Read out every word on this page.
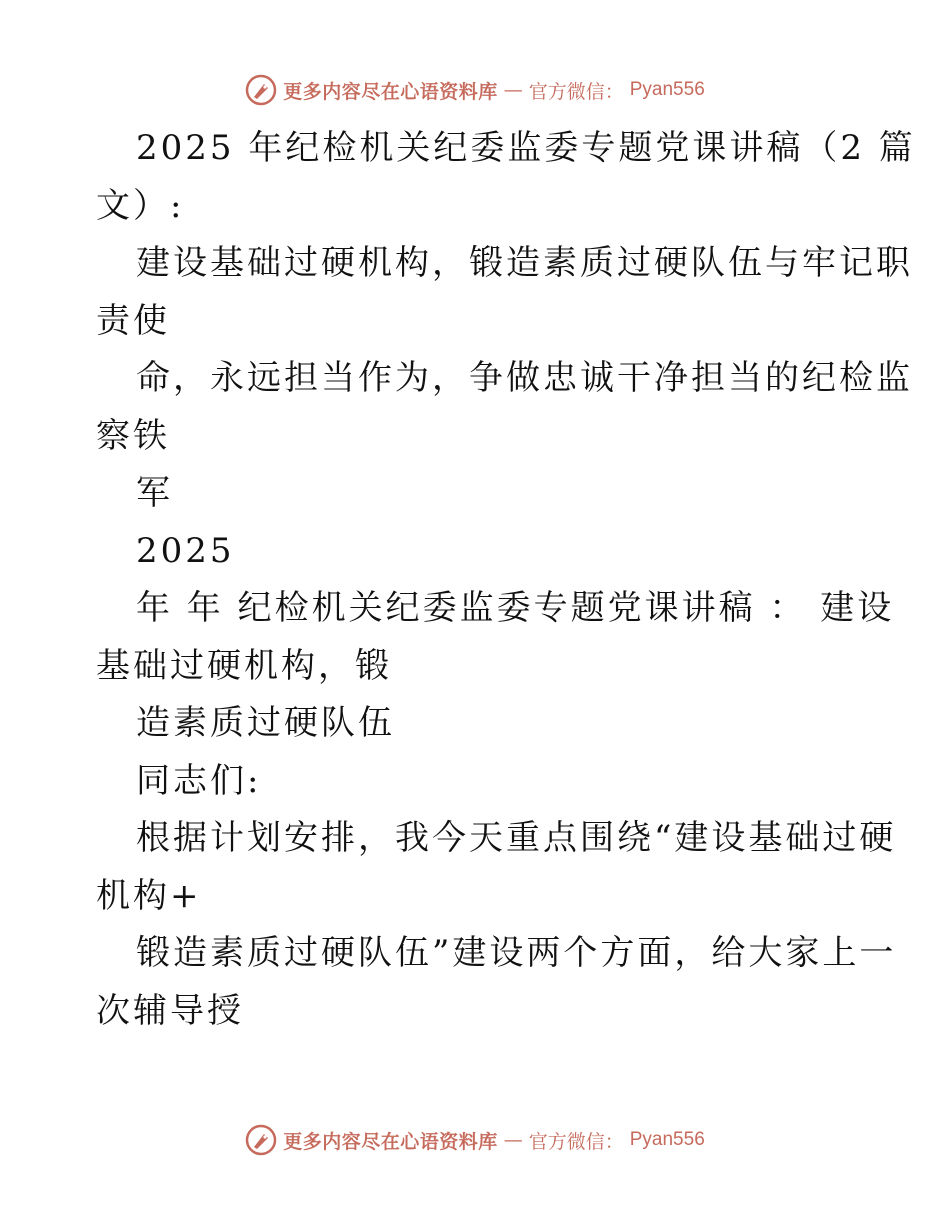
更多内容尽在心语资料库 — 官方微信： Pyan556
2025 年纪检机关纪委监委专题党课讲稿（2 篇
文）:
建设基础过硬机构，锻造素质过硬队伍与牢记职
责使
命，永远担当作为，争做忠诚干净担当的纪检监
察铁
军
2025
年 年 纪检机关纪委监委专题党课讲稿 ： 建设
基础过硬机构，锻
造素质过硬队伍
同志们:
根据计划安排，我今天重点围绕“建设基础过硬
机构+
锻造素质过硬队伍”建设两个方面，给大家上一
次辅导授
更多内容尽在心语资料库 — 官方微信： Pyan556
